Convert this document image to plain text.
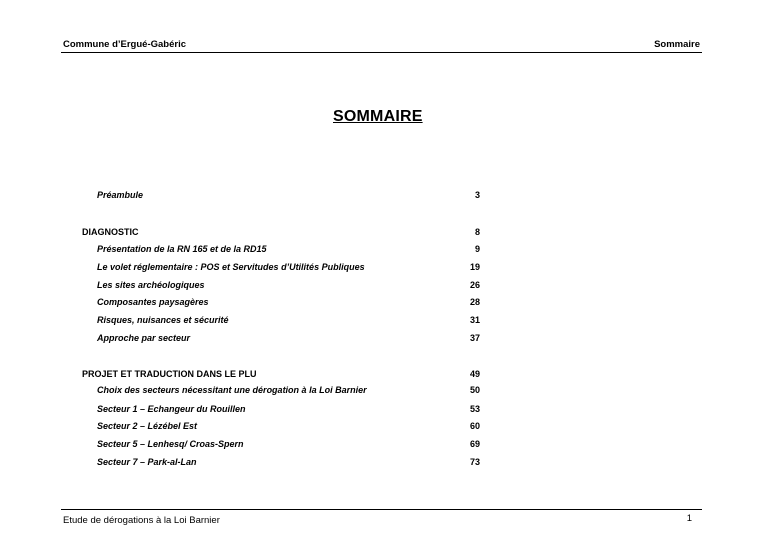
Commune d’Ergué-Gabéric	Sommaire
SOMMAIRE
Préambule	3
DIAGNOSTIC	8
Présentation de la RN 165 et de la RD15	9
Le volet réglementaire : POS et Servitudes d’Utilités Publiques	19
Les sites archéologiques	26
Composantes paysagères	28
Risques, nuisances et sécurité	31
Approche par secteur	37
PROJET ET TRADUCTION DANS LE PLU	49
Choix des secteurs nécessitant une dérogation à la Loi Barnier	50
Secteur 1 – Echangeur du Rouillen	53
Secteur 2 – Lézébel Est	60
Secteur 5 – Lenhesq/ Croas-Spern	69
Secteur 7 – Park-al-Lan	73
Etude de dérogations à la Loi Barnier	1
